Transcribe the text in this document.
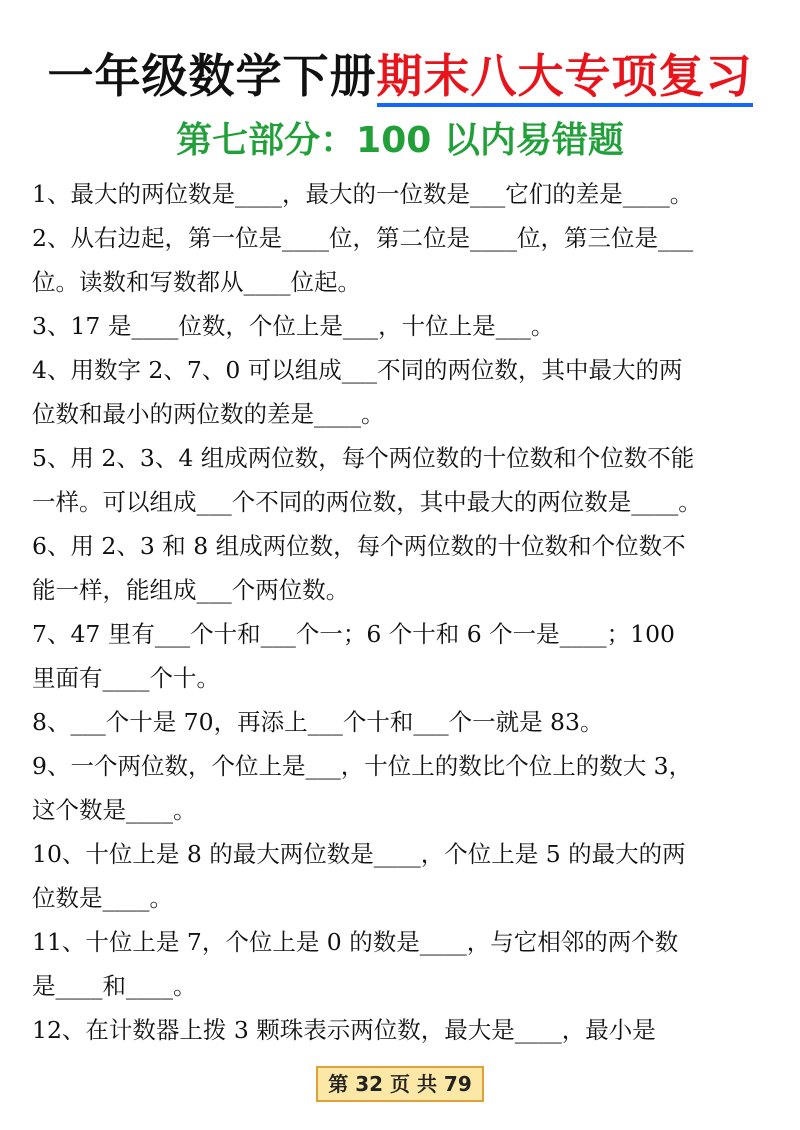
一年级数学下册期末八大专项复习
第七部分：100 以内易错题
1、最大的两位数是____，最大的一位数是___它们的差是____。
2、从右边起，第一位是____位，第二位是____位，第三位是___
位。读数和写数都从____位起。
3、17 是____位数，个位上是___，十位上是___。
4、用数字 2、7、0 可以组成___不同的两位数，其中最大的两
位数和最小的两位数的差是____。
5、用 2、3、4 组成两位数，每个两位数的十位数和个位数不能
一样。可以组成___个不同的两位数，其中最大的两位数是____。
6、用 2、3 和 8 组成两位数，每个两位数的十位数和个位数不
能一样，能组成___个两位数。
7、47 里有___个十和___个一；6 个十和 6 个一是____；100
里面有____个十。
8、___个十是 70，再添上___个十和___个一就是 83。
9、一个两位数，个位上是___，十位上的数比个位上的数大 3，
这个数是____。
10、十位上是 8 的最大两位数是____，个位上是 5 的最大的两
位数是____。
11、十位上是 7，个位上是 0 的数是____，与它相邻的两个数
是____和____。
12、在计数器上拨 3 颗珠表示两位数，最大是____，最小是
第 32 页 共 79
